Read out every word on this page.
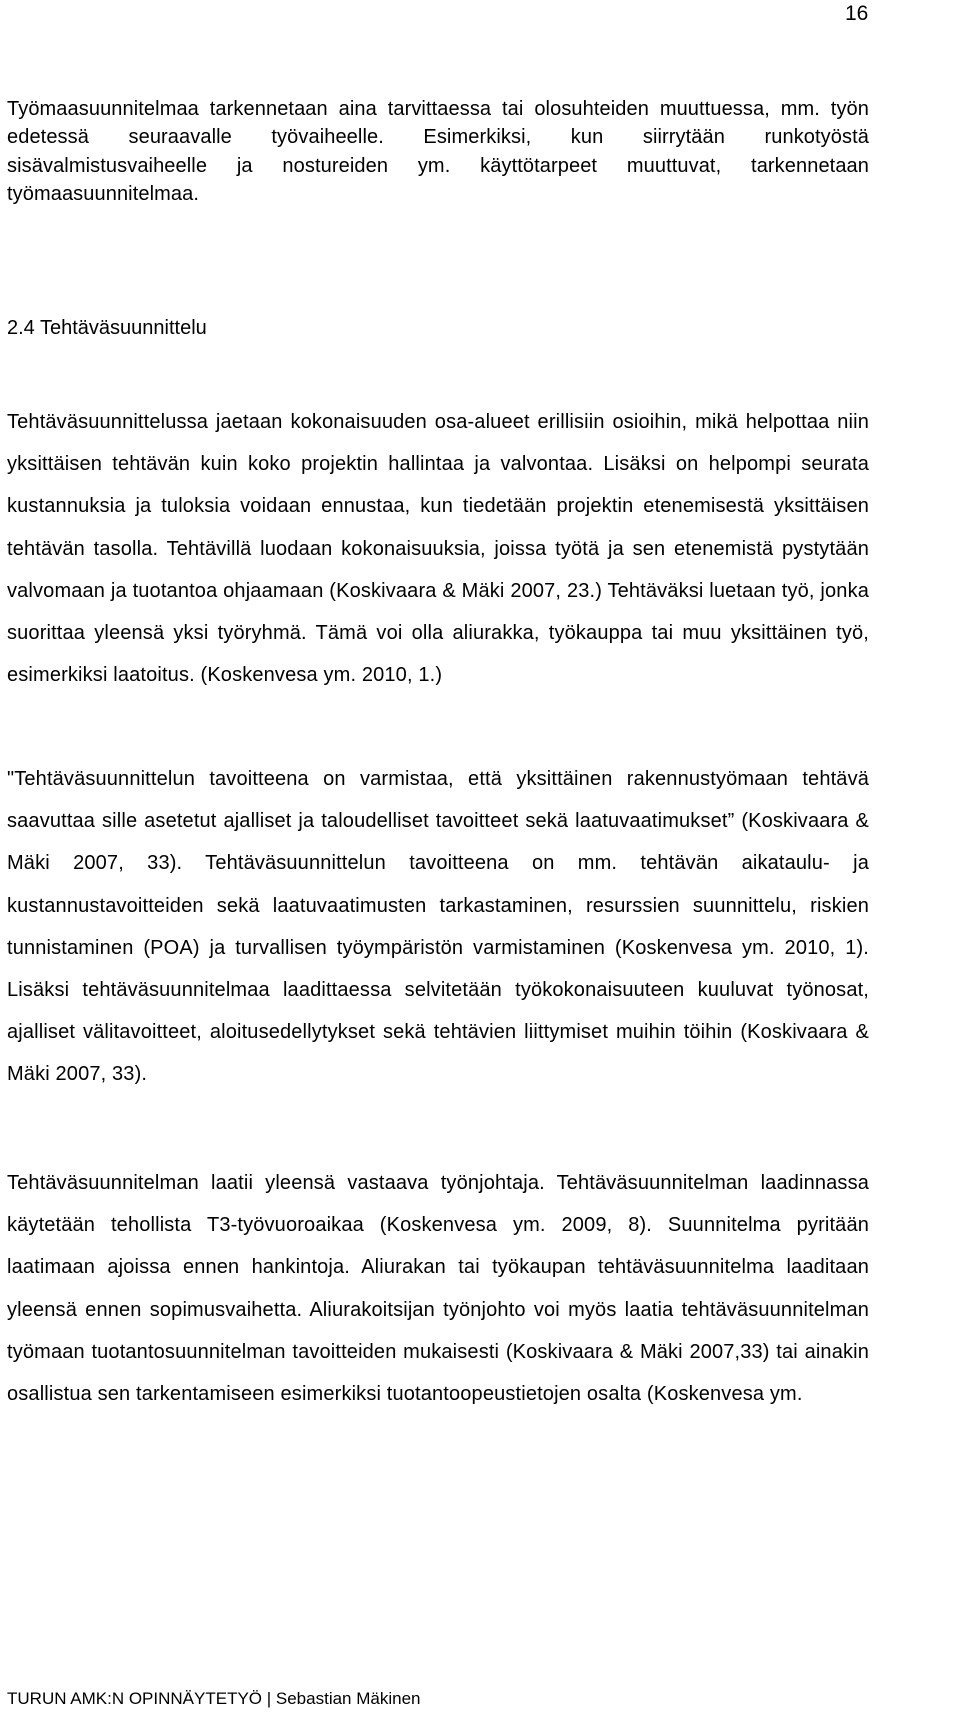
16

Työmaasuunnitelmaa tarkennetaan aina tarvittaessa tai olosuhteiden muuttuessa, mm. työn edetessä seuraavalle työvaiheelle. Esimerkiksi, kun siirrytään runkotyöstä sisävalmistusvaiheelle ja nostureiden ym. käyttötarpeet muuttuvat, tarkennetaan työmaasuunnitelmaa.

2.4 Tehtäväsuunnittelu

Tehtäväsuunnittelussa jaetaan kokonaisuuden osa-alueet erillisiin osioihin, mikä helpottaa niin yksittäisen tehtävän kuin koko projektin hallintaa ja valvontaa. Lisäksi on helpompi seurata kustannuksia ja tuloksia voidaan ennustaa, kun tiedetään projektin etenemisestä yksittäisen tehtävän tasolla. Tehtävillä luodaan kokonaisuuksia, joissa työtä ja sen etenemistä pystytään valvomaan ja tuotantoa ohjaamaan (Koskivaara & Mäki 2007, 23.) Tehtäväksi luetaan työ, jonka suorittaa yleensä yksi työryhmä. Tämä voi olla aliurakka, työkauppa tai muu yksittäinen työ, esimerkiksi laatoitus. (Koskenvesa ym. 2010, 1.)

"Tehtäväsuunnittelun tavoitteena on varmistaa, että yksittäinen rakennustyömaan tehtävä saavuttaa sille asetetut ajalliset ja taloudelliset tavoitteet sekä laatuvaatimukset” (Koskivaara & Mäki 2007, 33). Tehtäväsuunnittelun tavoitteena on mm. tehtävän aikataulu- ja kustannustavoitteiden sekä laatuvaatimusten tarkastaminen, resurssien suunnittelu, riskien tunnistaminen (POA) ja turvallisen työympäristön varmistaminen (Koskenvesa ym. 2010, 1). Lisäksi tehtäväsuunnitelmaa laadittaessa selvitetään työkokonaisuuteen kuuluvat työnosat, ajalliset välitavoitteet, aloitusedellytykset sekä tehtävien liittymiset muihin töihin (Koskivaara & Mäki 2007, 33).

Tehtäväsuunnitelman laatii yleensä vastaava työnjohtaja. Tehtäväsuunnitelman laadinnassa käytetään tehollista T3-työvuoroaikaa (Koskenvesa ym. 2009, 8). Suunnitelma pyritään laatimaan ajoissa ennen hankintoja. Aliurakan tai työkaupan tehtäväsuunnitelma laaditaan yleensä ennen sopimusvaihetta. Aliurakoitsijan työnjohto voi myös laatia tehtäväsuunnitelman työmaan tuotantosuunnitelman tavoitteiden mukaisesti (Koskivaara & Mäki 2007,33) tai ainakin osallistua sen tarkentamiseen esimerkiksi tuotantoopeustietojen osalta (Koskenvesa ym.

TURUN AMK:N OPINNÄYTETYÖ | Sebastian Mäkinen
